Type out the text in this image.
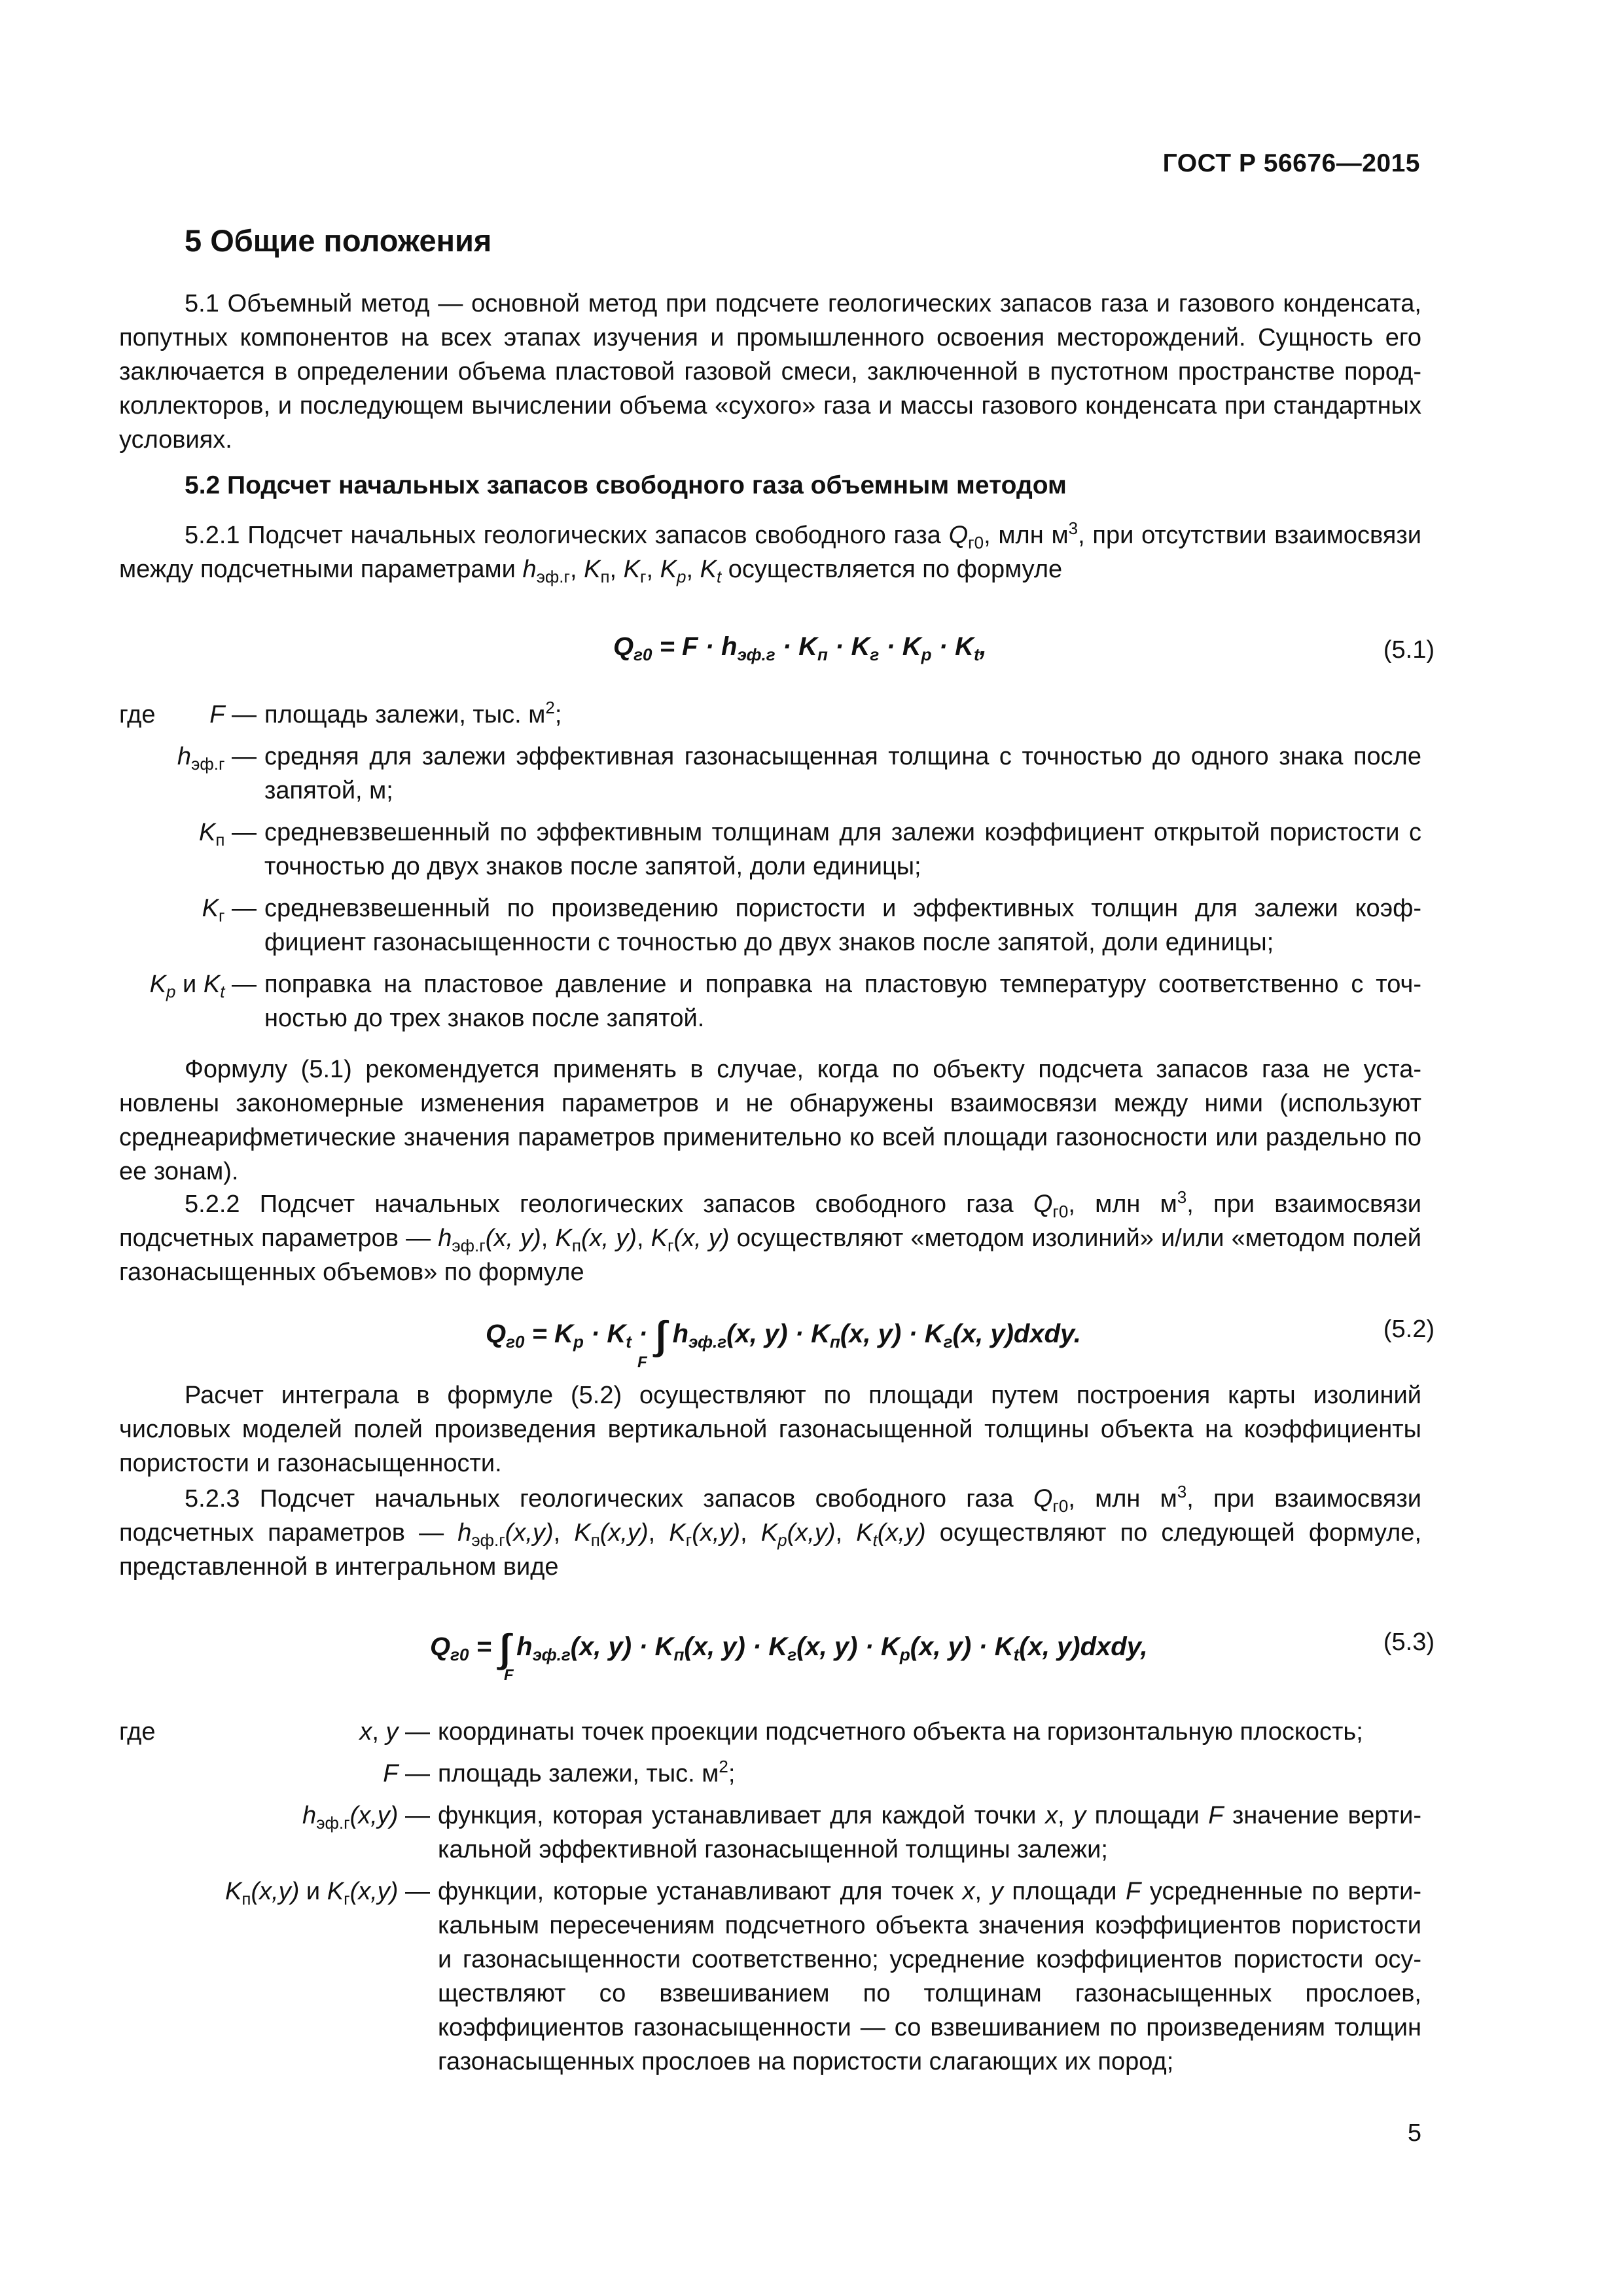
ГОСТ Р 56676—2015
5 Общие положения
5.1 Объемный метод — основной метод при подсчете геологических запасов газа и газового конденсата, попутных компонентов на всех этапах изучения и промышленного освоения месторождений. Сущность его заключается в определении объема пластовой газовой смеси, заключенной в пустотном пространстве пород-коллекторов, и последующем вычислении объема «сухого» газа и массы газового конденсата при стандартных условиях.
5.2 Подсчет начальных запасов свободного газа объемным методом
5.2.1 Подсчет начальных геологических запасов свободного газа $Q_{г0}$, млн $м^3$, при отсутствии взаимосвязи между подсчетными параметрами $h_{эф.г}$, $K_п$, $K_г$, $K_p$, $K_t$ осуществляется по формуле
$Q_{г0} = F \cdot h_{эф.г} \cdot K_п \cdot K_г \cdot K_p \cdot K_t$,	(5.1)
где	F — площадь залежи, тыс. $м^2$;
$h_{эф.г}$ — средняя для залежи эффективная газонасыщенная толщина с точностью до одного знака после запятой, м;
$K_п$ — средневзвешенный по эффективным толщинам для залежи коэффициент открытой пористости с точностью до двух знаков после запятой, доли единицы;
$K_г$ — средневзвешенный по произведению пористости и эффективных толщин для залежи коэффициент газонасыщенности с точностью до двух знаков после запятой, доли единицы;
$K_p$ и $K_t$ — поправка на пластовое давление и поправка на пластовую температуру соответственно с точностью до трех знаков после запятой.
Формулу (5.1) рекомендуется применять в случае, когда по объекту подсчета запасов газа не установлены закономерные изменения параметров и не обнаружены взаимосвязи между ними (используют среднеарифметические значения параметров применительно ко всей площади газоносности или раздельно по ее зонам).
5.2.2 Подсчет начальных геологических запасов свободного газа $Q_{г0}$, млн $м^3$, при взаимосвязи подсчетных параметров — $h_{эф.г}(x$, y), $K_п(x$, y), $K_г(x$, y) осуществляют «методом изолиний» и/или «методом полей газонасыщенных объемов» по формуле
$Q_{г0} = K_p \cdot K_t$ · ∫∫  $h_{эф.г}(x$, $y) \cdot K_п(x$, $y) \cdot K_г(x$, y)dxdy.
F
(5.2)
Расчет интеграла в формуле (5.2) осуществляют по площади путем построения карты изолиний числовых моделей полей произведения вертикальной газонасыщенной толщины объекта на коэффициенты пористости и газонасыщенности.
5.2.3 Подсчет начальных геологических запасов свободного газа $Q_{г0}$, млн $м^3$, при взаимосвязи подсчетных параметров — $h_{эф.г}(x,y)$, $K_п(x,y)$, $K_г(x,y)$, $K_p(x,y)$, $K_t(x,y)$ осуществляют по следующей формуле, представленной в интегральном виде
$Q_{г0}$ = ∫∫  $h_{эф.г}(x$, $y) \cdot K_п(x$, $y) \cdot K_г(x$, $y) \cdot K_p(x$, $y) \cdot K_t(x$, y)dxdy,
F
(5.3)
где	x, y — координаты точек проекции подсчетного объекта на горизонтальную плоскость;
F — площадь залежи, тыс. $м^2$;
$h_{эф.г}(x,y)$ — функция, которая устанавливает для каждой точки x, y площади F значение вертикальной эффективной газонасыщенной толщины залежи;
$K_п(x,y)$ и $K_г(x,y)$ — функции, которые устанавливают для точек x, y площади F усредненные по вертикальным пересечениям подсчетного объекта значения коэффициентов пористости и газонасыщенности соответственно; усреднение коэффициентов пористости осуществляют со взвешиванием по толщинам газонасыщенных прослоев, коэффициентов газонасыщенности — со взвешиванием по произведениям толщин газонасыщенных прослоев на пористости слагающих их пород;
5
